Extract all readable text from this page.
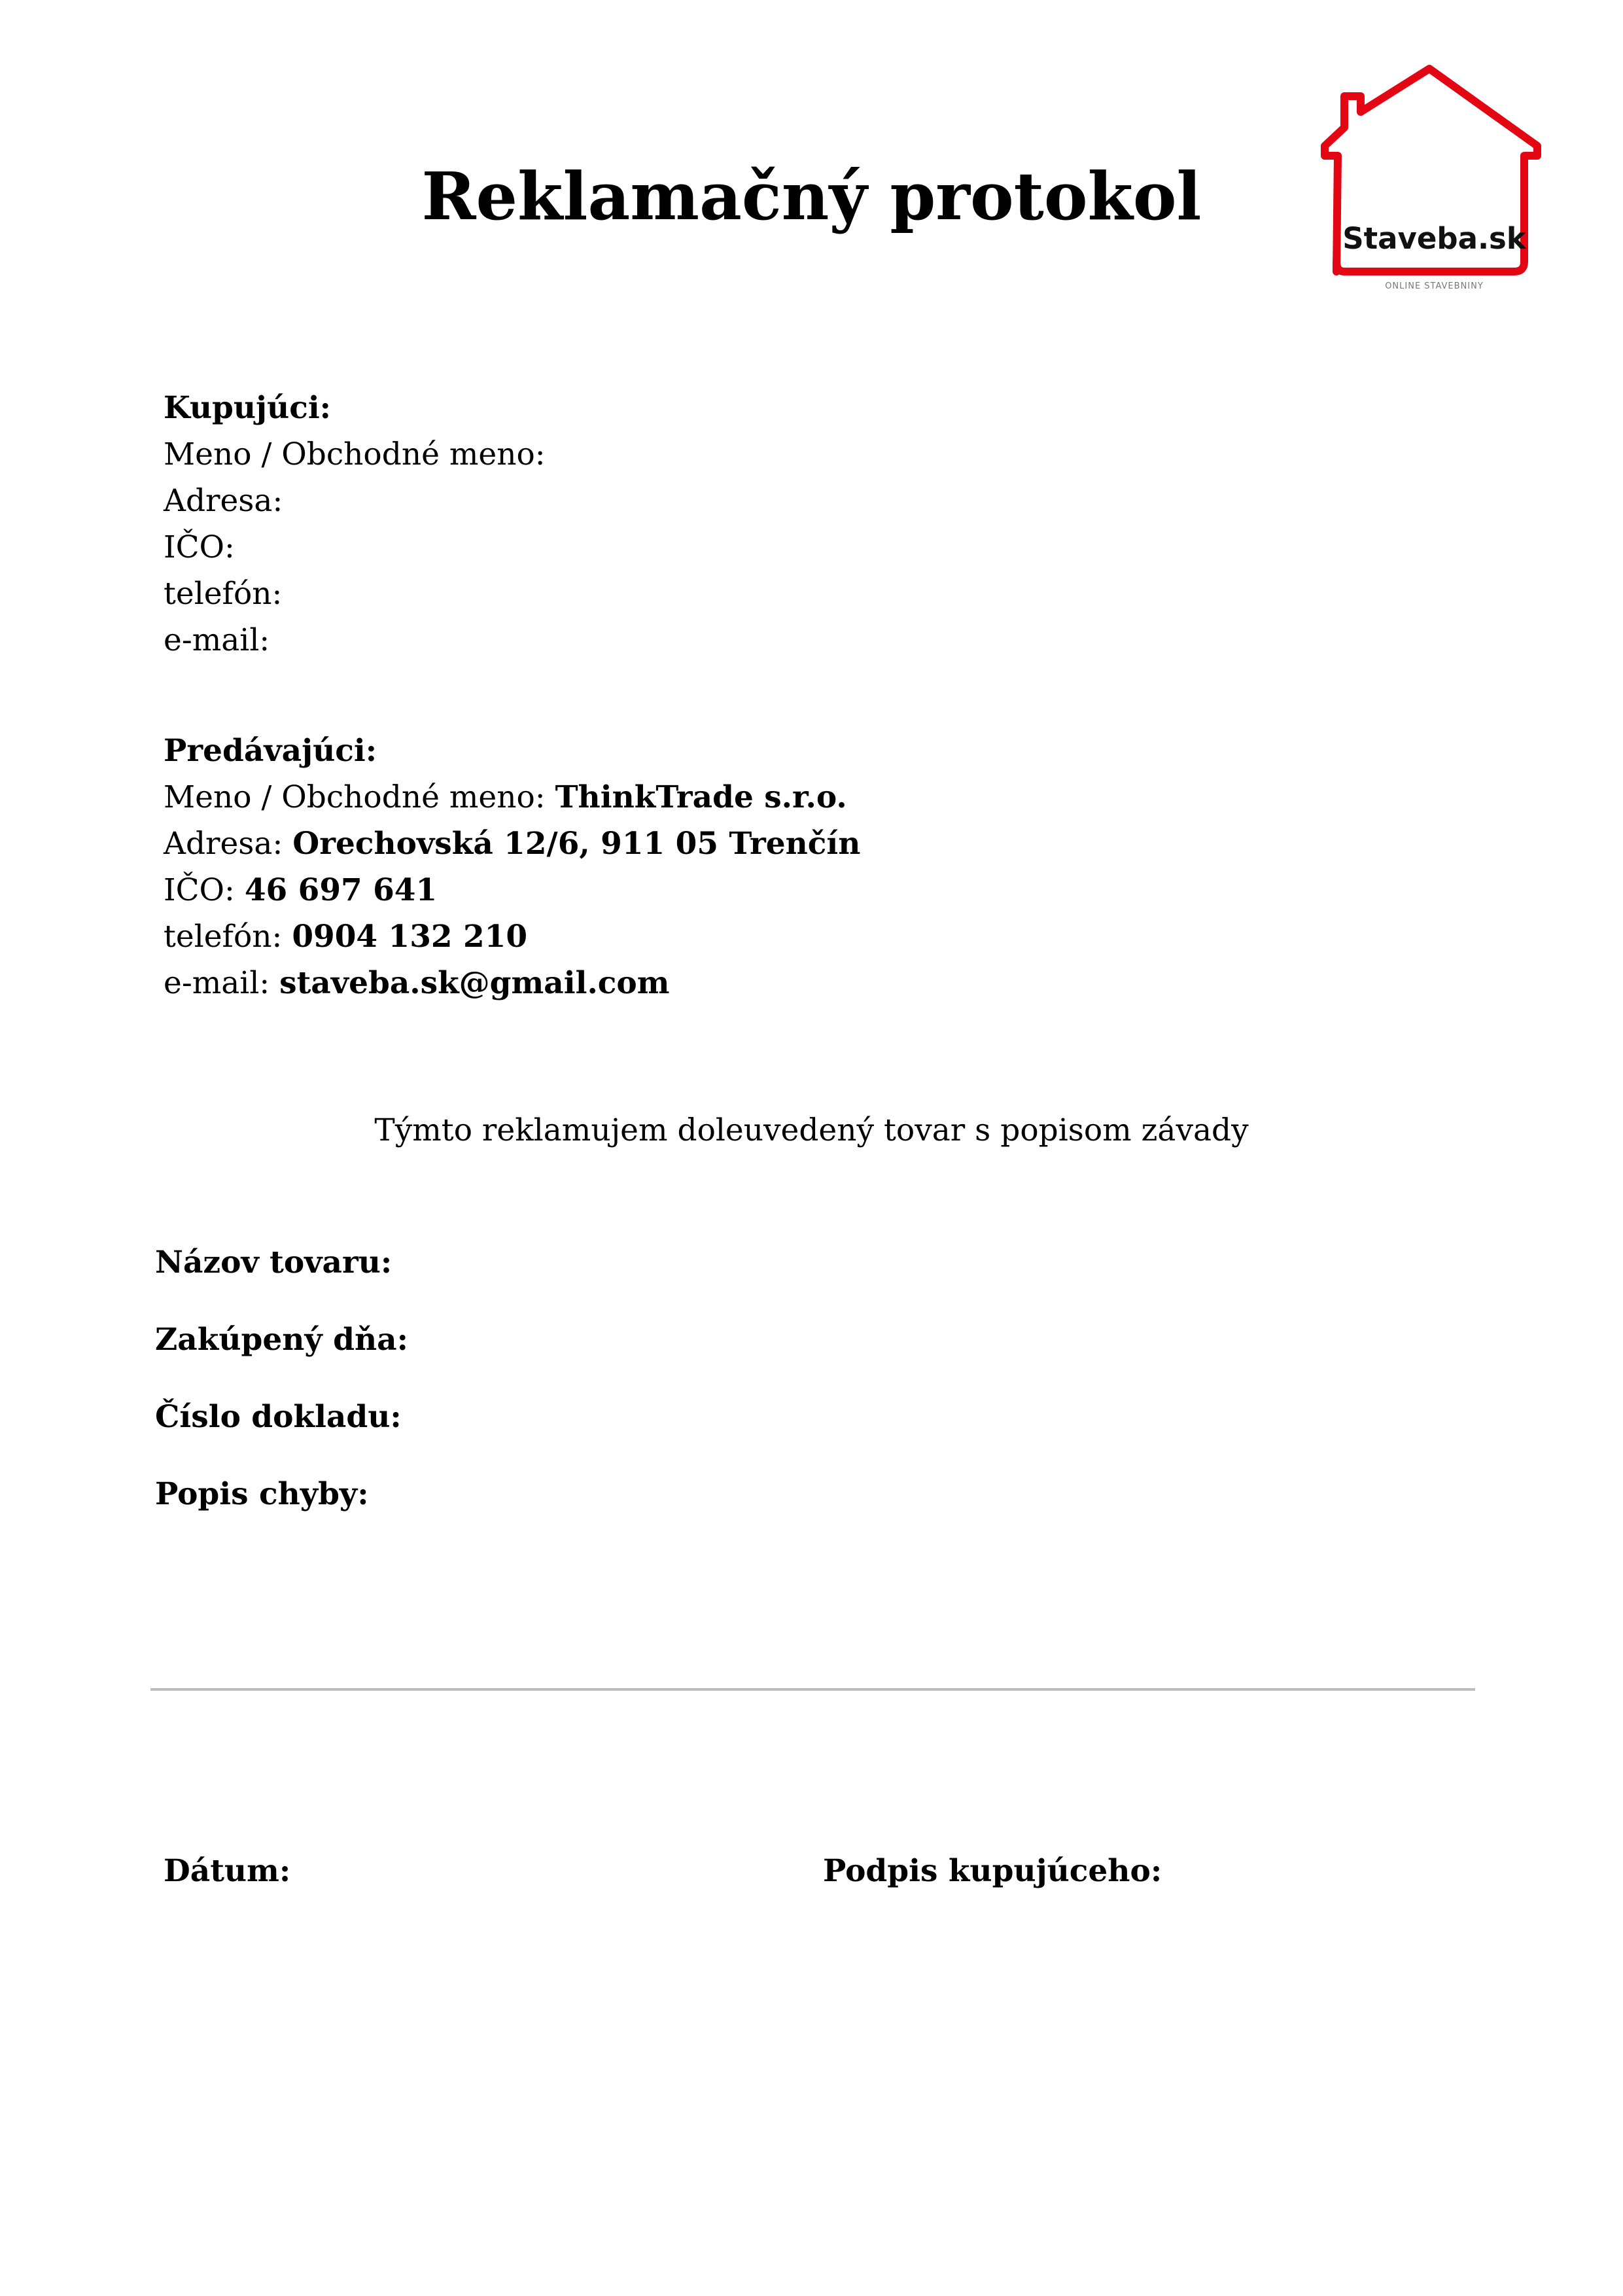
Reklamačný protokol
Staveba.sk
ONLINE STAVEBNINY
Kupujúci:
Meno / Obchodné meno:
Adresa:
IČO:
telefón:
e-mail:
Predávajúci:
Meno / Obchodné meno: ThinkTrade s.r.o.
Adresa: Orechovská 12/6, 911 05 Trenčín
IČO: 46 697 641
telefón: 0904 132 210
e-mail: staveba.sk@gmail.com
Týmto reklamujem doleuvedený tovar s popisom závady
Názov tovaru:
Zakúpený dňa:
Číslo dokladu:
Popis chyby:
Dátum:	Podpis kupujúceho:
